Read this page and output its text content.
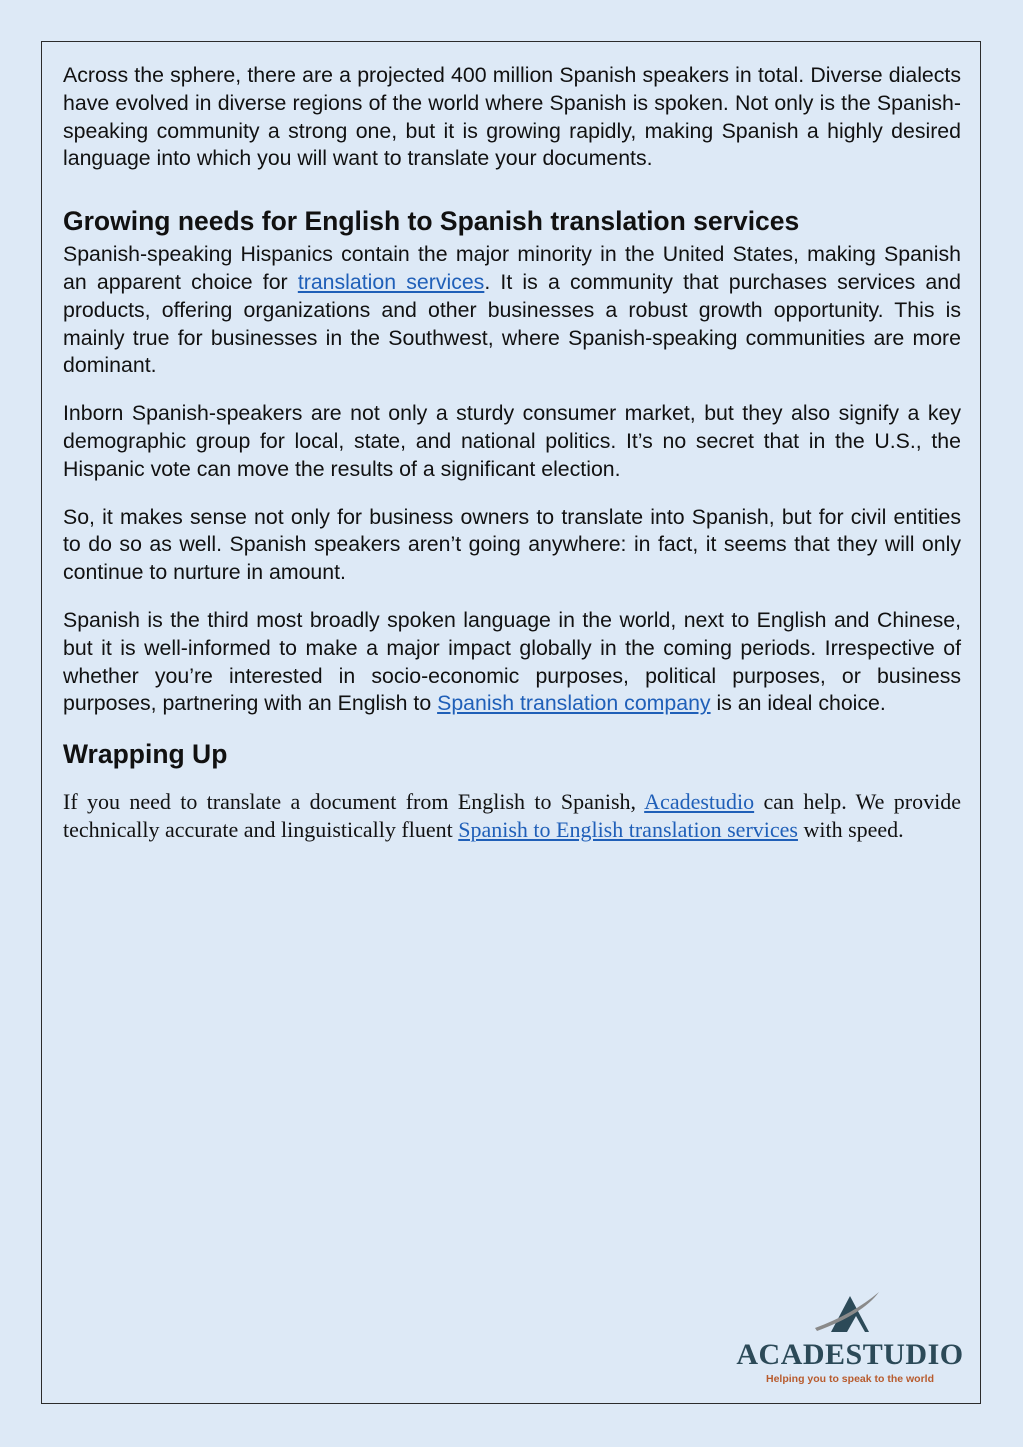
Across the sphere, there are a projected 400 million Spanish speakers in total. Diverse dialects have evolved in diverse regions of the world where Spanish is spoken. Not only is the Spanish-speaking community a strong one, but it is growing rapidly, making Spanish a highly desired language into which you will want to translate your documents.

Growing needs for English to Spanish translation services

Spanish-speaking Hispanics contain the major minority in the United States, making Spanish an apparent choice for translation services. It is a community that purchases services and products, offering organizations and other businesses a robust growth opportunity. This is mainly true for businesses in the Southwest, where Spanish-speaking communities are more dominant.

Inborn Spanish-speakers are not only a sturdy consumer market, but they also signify a key demographic group for local, state, and national politics. It’s no secret that in the U.S., the Hispanic vote can move the results of a significant election.

So, it makes sense not only for business owners to translate into Spanish, but for civil entities to do so as well. Spanish speakers aren’t going anywhere: in fact, it seems that they will only continue to nurture in amount.

Spanish is the third most broadly spoken language in the world, next to English and Chinese, but it is well-informed to make a major impact globally in the coming periods. Irrespective of whether you’re interested in socio-economic purposes, political purposes, or business purposes, partnering with an English to Spanish translation company is an ideal choice.

Wrapping Up

If you need to translate a document from English to Spanish, Acadestudio can help. We provide technically accurate and linguistically fluent Spanish to English translation services with speed.

ACADESTUDIO

Helping you to speak to the world
